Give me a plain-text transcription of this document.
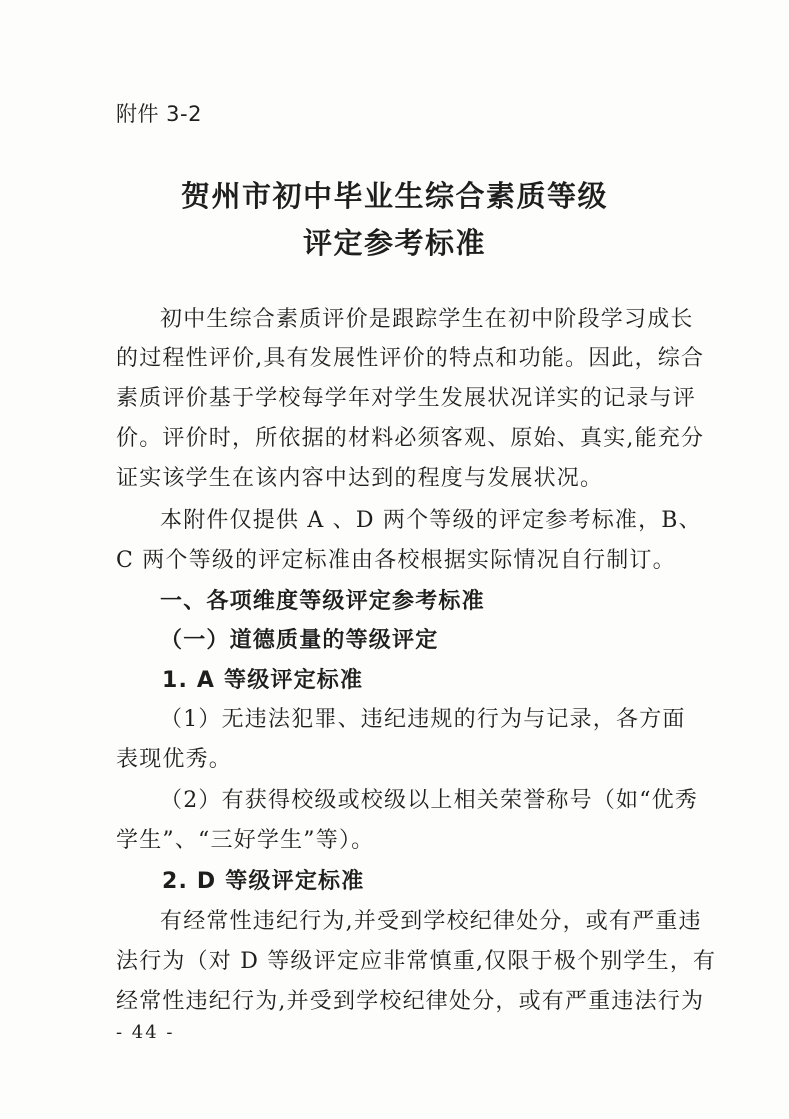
附件 3-2
贺州市初中毕业生综合素质等级
评定参考标准
初中生综合素质评价是跟踪学生在初中阶段学习成长
的过程性评价,具有发展性评价的特点和功能。因此，综合
素质评价基于学校每学年对学生发展状况详实的记录与评
价。评价时，所依据的材料必须客观、原始、真实,能充分
证实该学生在该内容中达到的程度与发展状况。
本附件仅提供 A 、D 两个等级的评定参考标准，B、
C 两个等级的评定标准由各校根据实际情况自行制订。
一、各项维度等级评定参考标准
（一）道德质量的等级评定
1. A 等级评定标准
（1）无违法犯罪、违纪违规的行为与记录，各方面
表现优秀。
（2）有获得校级或校级以上相关荣誉称号（如“优秀
学生”、“三好学生”等）。
2. D 等级评定标准
有经常性违纪行为,并受到学校纪律处分，或有严重违
法行为（对 D 等级评定应非常慎重,仅限于极个别学生，有
经常性违纪行为,并受到学校纪律处分，或有严重违法行为
- 44 -
